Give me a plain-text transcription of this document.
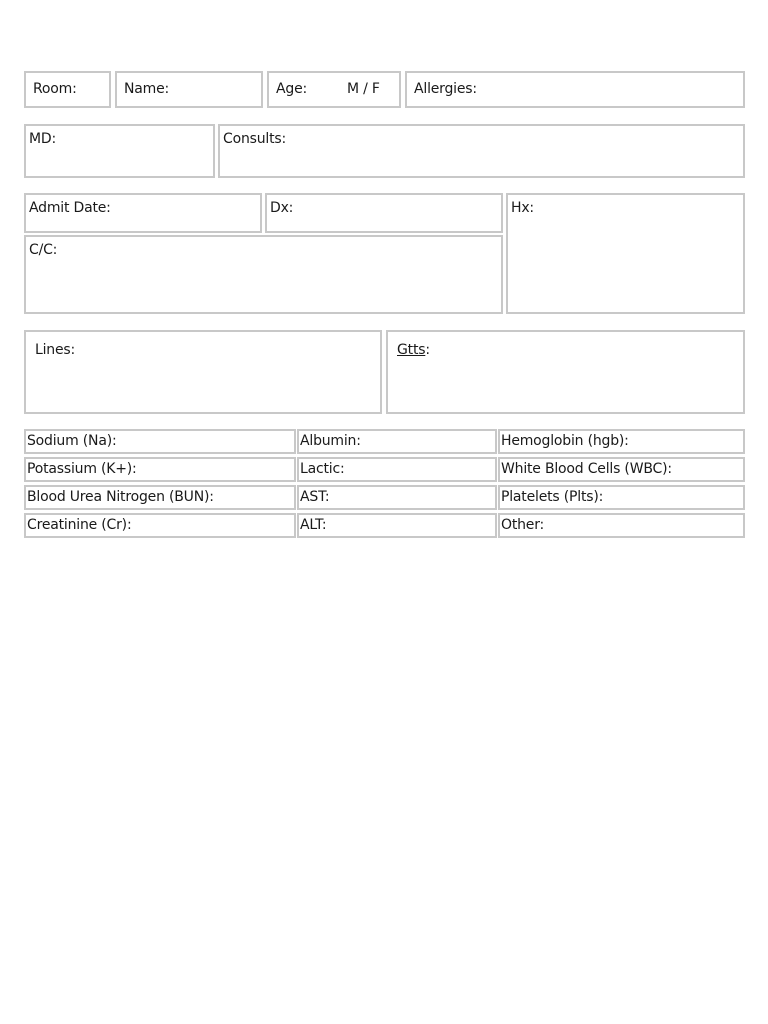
Room:	Name:	Age:	M / F Allergies:
MD:	Consults:
Admit Date:	Dx:	Hx:
C/C:
Lines:	Gtts:
Sodium (Na):	Albumin:	Hemoglobin (hgb):
Potassium (K+):	Lactic:	White Blood Cells (WBC):
Blood Urea Nitrogen (BUN):	AST:	Platelets (Plts):
Creatinine (Cr):	ALT:	Other:
